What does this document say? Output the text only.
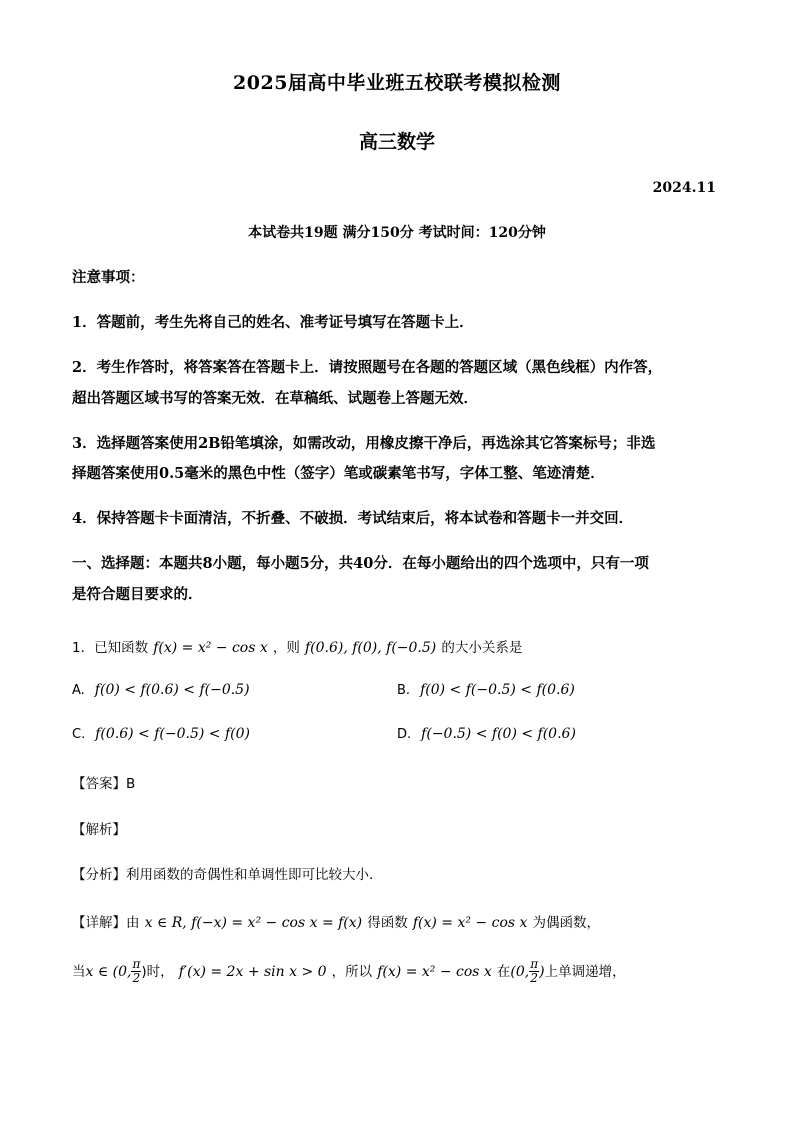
2025届高中毕业班五校联考模拟检测
高三数学
2024.11
本试卷共19题 满分150分 考试时间：120分钟
注意事项：
1．答题前，考生先将自己的姓名、准考证号填写在答题卡上．
2．考生作答时，将答案答在答题卡上．请按照题号在各题的答题区域（黑色线框）内作答，
超出答题区域书写的答案无效．在草稿纸、试题卷上答题无效．
3．选择题答案使用2B铅笔填涂，如需改动，用橡皮擦干净后，再选涂其它答案标号；非选
择题答案使用0.5毫米的黑色中性（签字）笔或碳素笔书写，字体工整、笔迹清楚．
4．保持答题卡卡面清洁，不折叠、不破损．考试结束后，将本试卷和答题卡一并交回．
一、选择题：本题共8小题，每小题5分，共40分．在每小题给出的四个选项中，只有一项
是符合题目要求的．
1．已知函数 f(x) = x² − cos x ，则 f(0.6), f(0), f(−0.5) 的大小关系是
A. f(0) < f(0.6) < f(−0.5)	B. f(0) < f(−0.5) < f(0.6)
C. f(0.6) < f(−0.5) < f(0)	D. f(−0.5) < f(0) < f(0.6)
【答案】B
【解析】
【分析】利用函数的奇偶性和单调性即可比较大小.
【详解】由 x ∈ R, f(−x) = x² − cos x = f(x) 得函数 f(x) = x² − cos x 为偶函数，
当x ∈ (0, $\frac{\pi}{2}$ )时， f′(x) = 2x + sin x > 0 ，所以 f(x) = x² − cos x 在(0, $\frac{\pi}{2}$ )上单调递增，
